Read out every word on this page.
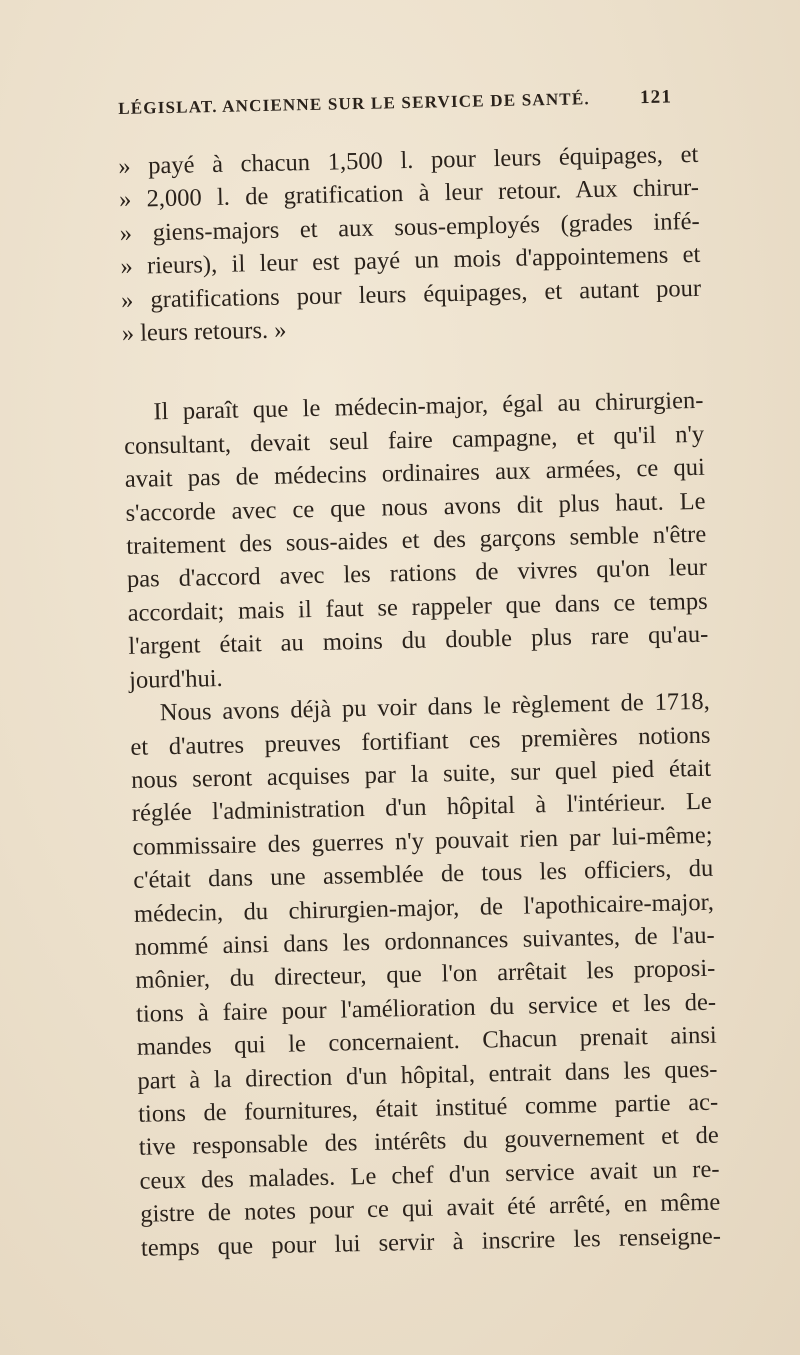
LÉGISLAT. ANCIENNE SUR LE SERVICE DE SANTÉ.	121
» payé à chacun 1,500 l. pour leurs équipages, et
» 2,000 l. de gratification à leur retour. Aux chirur-
» giens-majors et aux sous-employés (grades infé-
» rieurs), il leur est payé un mois d'appointemens et
» gratifications pour leurs équipages, et autant pour
» leurs retours. »
Il paraît que le médecin-major, égal au chirurgien-
consultant, devait seul faire campagne, et qu'il n'y
avait pas de médecins ordinaires aux armées, ce qui
s'accorde avec ce que nous avons dit plus haut. Le
traitement des sous-aides et des garçons semble n'être
pas d'accord avec les rations de vivres qu'on leur
accordait; mais il faut se rappeler que dans ce temps
l'argent était au moins du double plus rare qu'au-
jourd'hui.
Nous avons déjà pu voir dans le règlement de 1718,
et d'autres preuves fortifiant ces premières notions
nous seront acquises par la suite, sur quel pied était
réglée l'administration d'un hôpital à l'intérieur. Le
commissaire des guerres n'y pouvait rien par lui-même;
c'était dans une assemblée de tous les officiers, du
médecin, du chirurgien-major, de l'apothicaire-major,
nommé ainsi dans les ordonnances suivantes, de l'au-
mônier, du directeur, que l'on arrêtait les proposi-
tions à faire pour l'amélioration du service et les de-
mandes qui le concernaient. Chacun prenait ainsi
part à la direction d'un hôpital, entrait dans les ques-
tions de fournitures, était institué comme partie ac-
tive responsable des intérêts du gouvernement et de
ceux des malades. Le chef d'un service avait un re-
gistre de notes pour ce qui avait été arrêté, en même
temps que pour lui servir à inscrire les renseigne-
